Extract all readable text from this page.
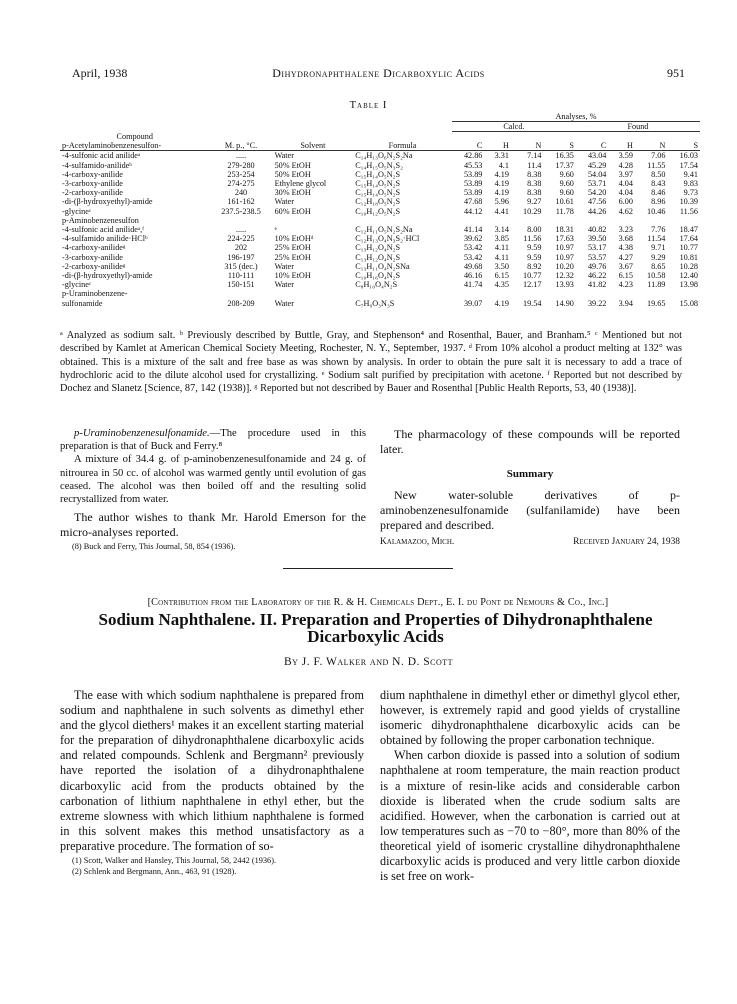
April, 1938	Dihydronaphthalene Dicarboxylic Acids	951
Table I
				Analyses, %							
				Calcd.				Found			
Compound											
p-Acetylaminobenzenesulfon-	M. p., °C.	Solvent	Formula	C	H	N	S	C	H	N	S
-4-sulfonic acid anilideᵃ	.....	Water	C₁₄H₁₃O₆N₂S₂Na	42.86	3.31	7.14	16.35	43.04	3.59	7.06	16.03
-4-sulfamido-anilideᵇ	279-280	50% EtOH	C₁₄H₁₅O₅N₃S₂	45.53	4.1	11.4	17.37	45.29	4.28	11.55	17.54
-4-carboxy-anilide	253-254	50% EtOH	C₁₅H₁₄O₅N₂S	53.89	4.19	8.38	9.60	54.04	3.97	8.50	9.41
-3-carboxy-anilide	274-275	Ethylene glycol	C₁₅H₁₄O₅N₂S	53.89	4.19	8.38	9.60	53.71	4.04	8.43	9.83
-2-carboxy-anilide	240	30% EtOH	C₁₅H₁₄O₅N₂S	53.89	4.19	8.38	9.60	54.20	4.04	8.46	9.73
-di-(β-hydroxyethyl)-amide	161-162	Water	C₁₂H₁₈O₅N₂S	47.68	5.96	9.27	10.61	47.56	6.00	8.96	10.39
-glycineᶜ	237.5-238.5	60% EtOH	C₁₀H₁₂O₅N₂S	44.12	4.41	10.29	11.78	44.26	4.62	10.46	11.56
p-Aminobenzenesulfon											
-4-sulfonic acid anilideᵃ,ᶠ	.....	ᵉ	C₁₂H₁₁O₅N₂S₂Na	41.14	3.14	8.00	18.31	40.82	3.23	7.76	18.47
-4-sulfamido anilide·HClᵇ	224-225	10% EtOHᵈ	C₁₂H₁₃O₄N₃S₂·HCl	39.62	3.85	11.56	17.63	39.50	3.68	11.54	17.64
-4-carboxy-anilideᵍ	202	25% EtOH	C₁₃H₁₂O₄N₂S	53.42	4.11	9.59	10.97	53.17	4.38	9.71	10.77
-3-carboxy-anilide	196-197	25% EtOH	C₁₃H₁₂O₄N₂S	53.42	4.11	9.59	10.97	53.57	4.27	9.29	10.81
-2-carboxy-anilideᵍ	315 (dec.)	Water	C₁₃H₁₁O₄N₂SNa	49.68	3.50	8.92	10.20	49.76	3.67	8.65	10.28
-di-(β-hydroxyethyl)-amide	110-111	10% EtOH	C₁₀H₁₆O₄N₂S	46.16	6.15	10.77	12.32	46.22	6.15	10.58	12.40
-glycineᶜ	150-151	Water	C₈H₁₀O₄N₂S	41.74	4.35	12.17	13.93	41.82	4.23	11.89	13.98
p-Uraminobenzene-											
sulfonamide	208-209	Water	C₇H₉O₃N₃S	39.07	4.19	19.54	14.90	39.22	3.94	19.65	15.08
ᵃ Analyzed as sodium salt. ᵇ Previously described by Buttle, Gray, and Stephenson⁴ and Rosenthal, Bauer, and Branham.⁵ ᶜ Mentioned but not described by Kamlet at American Chemical Society Meeting, Rochester, N. Y., September, 1937. ᵈ From 10% alcohol a product melting at 132° was obtained. This is a mixture of the salt and free base as was shown by analysis. In order to obtain the pure salt it is necessary to add a trace of hydrochloric acid to the dilute alcohol used for crystallizing. ᵉ Sodium salt purified by precipitation with acetone. ᶠ Reported but not described by Dochez and Slanetz [Science, 87, 142 (1938)]. ᵍ Reported but not described by Bauer and Rosenthal [Public Health Reports, 53, 40 (1938)].
p-Uraminobenzenesulfonamide.—The procedure used in this preparation is that of Buck and Ferry.⁸
A mixture of 34.4 g. of p-aminobenzenesulfonamide and 24 g. of nitrourea in 50 cc. of alcohol was warmed gently until evolution of gas ceased. The alcohol was then boiled off and the resulting solid recrystallized from water.
The author wishes to thank Mr. Harold Emerson for the micro-analyses reported.
(8) Buck and Ferry, This Journal, 58, 854 (1936).
The pharmacology of these compounds will be reported later.
Summary
New water-soluble derivatives of p-aminobenzenesulfonamide (sulfanilamide) have been prepared and described.
Kalamazoo, Mich.	Received January 24, 1938
[Contribution from the Laboratory of the R. & H. Chemicals Dept., E. I. du Pont de Nemours & Co., Inc.]
Sodium Naphthalene. II. Preparation and Properties of Dihydronaphthalene Dicarboxylic Acids
By J. F. Walker and N. D. Scott
The ease with which sodium naphthalene is prepared from sodium and naphthalene in such solvents as dimethyl ether and the glycol diethers¹ makes it an excellent starting material for the preparation of dihydronaphthalene dicarboxylic acids and related compounds. Schlenk and Bergmann² previously have reported the isolation of a dihydronaphthalene dicarboxylic acid from the products obtained by the carbonation of lithium naphthalene in ethyl ether, but the extreme slowness with which lithium naphthalene is formed in this solvent makes this method unsatisfactory as a preparative procedure. The formation of so-
(1) Scott, Walker and Hansley, This Journal, 58, 2442 (1936).
(2) Schlenk and Bergmann, Ann., 463, 91 (1928).
dium naphthalene in dimethyl ether or dimethyl glycol ether, however, is extremely rapid and good yields of crystalline isomeric dihydronaphthalene dicarboxylic acids can be obtained by following the proper carbonation technique.
When carbon dioxide is passed into a solution of sodium naphthalene at room temperature, the main reaction product is a mixture of resin-like acids and considerable carbon dioxide is liberated when the crude sodium salts are acidified. However, when the carbonation is carried out at low temperatures such as −70 to −80°, more than 80% of the theoretical yield of isomeric crystalline dihydronaphthalene dicarboxylic acids is produced and very little carbon dioxide is set free on work-
